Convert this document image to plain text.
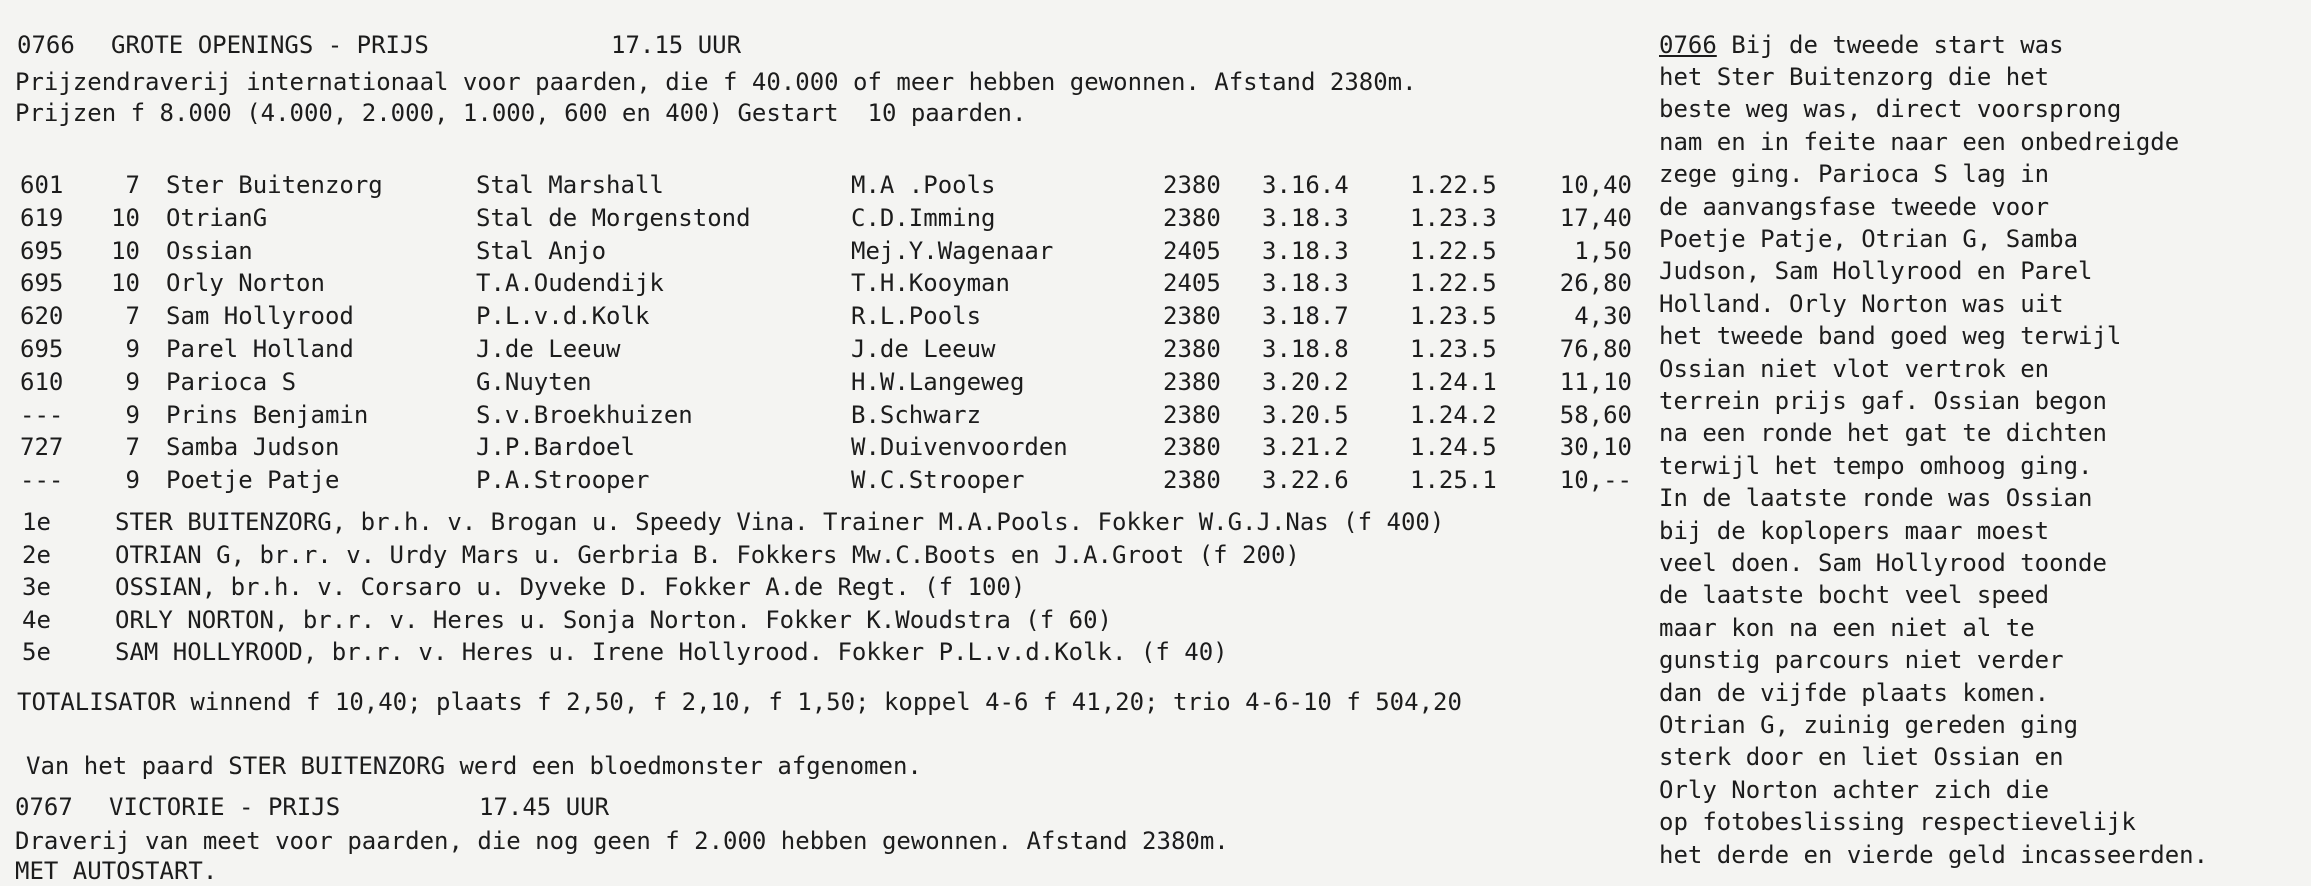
0766 GROTE OPENINGS - PRIJS	17.15 UUR
Prijzendraverij internationaal voor paarden, die f 40.000 of meer hebben gewonnen. Afstand 2380m.
Prijzen f 8.000 (4.000, 2.000, 1.000, 600 en 400) Gestart  10 paarden.
601	7 Ster Buitenzorg	Stal Marshall	M.A .Pools	2380 3.16.4	1.22.5	10,40
619 10 OtrianG	Stal de Morgenstond	C.D.Imming	2380 3.18.3	1.23.3	17,40
695 10 Ossian	Stal Anjo	Mej.Y.Wagenaar	2405 3.18.3	1.22.5	1,50
695 10 Orly Norton	T.A.Oudendijk	T.H.Kooyman	2405 3.18.3	1.22.5	26,80
620	7 Sam Hollyrood	P.L.v.d.Kolk	R.L.Pools	2380 3.18.7	1.23.5	4,30
695	9 Parel Holland	J.de Leeuw	J.de Leeuw	2380 3.18.8	1.23.5	76,80
610	9 Parioca S	G.Nuyten	H.W.Langeweg	2380 3.20.2	1.24.1	11,10
---	9 Prins Benjamin	S.v.Broekhuizen	B.Schwarz	2380 3.20.5	1.24.2	58,60
727	7 Samba Judson	J.P.Bardoel	W.Duivenvoorden	2380 3.21.2	1.24.5	30,10
---	9 Poetje Patje	P.A.Strooper	W.C.Strooper	2380 3.22.6	1.25.1	10,--
1e	STER BUITENZORG, br.h. v. Brogan u. Speedy Vina. Trainer M.A.Pools. Fokker W.G.J.Nas (f 400)
2e	OTRIAN G, br.r. v. Urdy Mars u. Gerbria B. Fokkers Mw.C.Boots en J.A.Groot (f 200)
3e	OSSIAN, br.h. v. Corsaro u. Dyveke D. Fokker A.de Regt. (f 100)
4e	ORLY NORTON, br.r. v. Heres u. Sonja Norton. Fokker K.Woudstra (f 60)
5e	SAM HOLLYROOD, br.r. v. Heres u. Irene Hollyrood. Fokker P.L.v.d.Kolk. (f 40)
TOTALISATOR winnend f 10,40; plaats f 2,50, f 2,10, f 1,50; koppel 4-6 f 41,20; trio 4-6-10 f 504,20
Van het paard STER BUITENZORG werd een bloedmonster afgenomen.
0767 VICTORIE - PRIJS	17.45 UUR
Draverij van meet voor paarden, die nog geen f 2.000 hebben gewonnen. Afstand 2380m.
MET AUTOSTART.
0766 Bij de tweede start was
het Ster Buitenzorg die het
beste weg was, direct voorsprong
nam en in feite naar een onbedreigde
zege ging. Parioca S lag in
de aanvangsfase tweede voor
Poetje Patje, Otrian G, Samba
Judson, Sam Hollyrood en Parel
Holland. Orly Norton was uit
het tweede band goed weg terwijl
Ossian niet vlot vertrok en
terrein prijs gaf. Ossian begon
na een ronde het gat te dichten
terwijl het tempo omhoog ging.
In de laatste ronde was Ossian
bij de koplopers maar moest
veel doen. Sam Hollyrood toonde
de laatste bocht veel speed
maar kon na een niet al te
gunstig parcours niet verder
dan de vijfde plaats komen.
Otrian G, zuinig gereden ging
sterk door en liet Ossian en
Orly Norton achter zich die
op fotobeslissing respectievelijk
het derde en vierde geld incasseerden.
